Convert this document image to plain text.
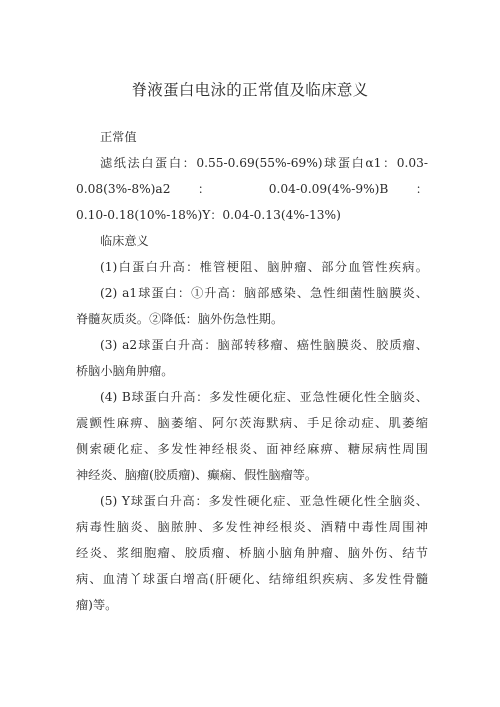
脊液蛋白电泳的正常值及临床意义
正常值
滤纸法白蛋白：0.55-0.69(55%-69%)球蛋白α1：0.03-
0.08(3%-8%)a2： 0.04-0.09(4%-9%)B：
0.10-0.18(10%-18%)Y：0.04-0.13(4%-13%)
临床意义
(1)白蛋白升高：椎管梗阻、脑肿瘤、部分血管性疾病。
(2) a1球蛋白：①升高：脑部感染、急性细菌性脑膜炎、
脊髓灰质炎。②降低：脑外伤急性期。
(3) a2球蛋白升高：脑部转移瘤、癌性脑膜炎、胶质瘤、
桥脑小脑角肿瘤。
(4) B球蛋白升高：多发性硬化症、亚急性硬化性全脑炎、
震颤性麻痹、脑萎缩、阿尔茨海默病、手足徐动症、肌萎缩
侧索硬化症、多发性神经根炎、面神经麻痹、糖尿病性周围
神经炎、脑瘤(胶质瘤)、癫痫、假性脑瘤等。
(5) Y球蛋白升高：多发性硬化症、亚急性硬化性全脑炎、
病毒性脑炎、脑脓肿、多发性神经根炎、酒精中毒性周围神
经炎、浆细胞瘤、胶质瘤、桥脑小脑角肿瘤、脑外伤、结节
病、血清丫球蛋白增高(肝硬化、结缔组织疾病、多发性骨髓
瘤)等。
